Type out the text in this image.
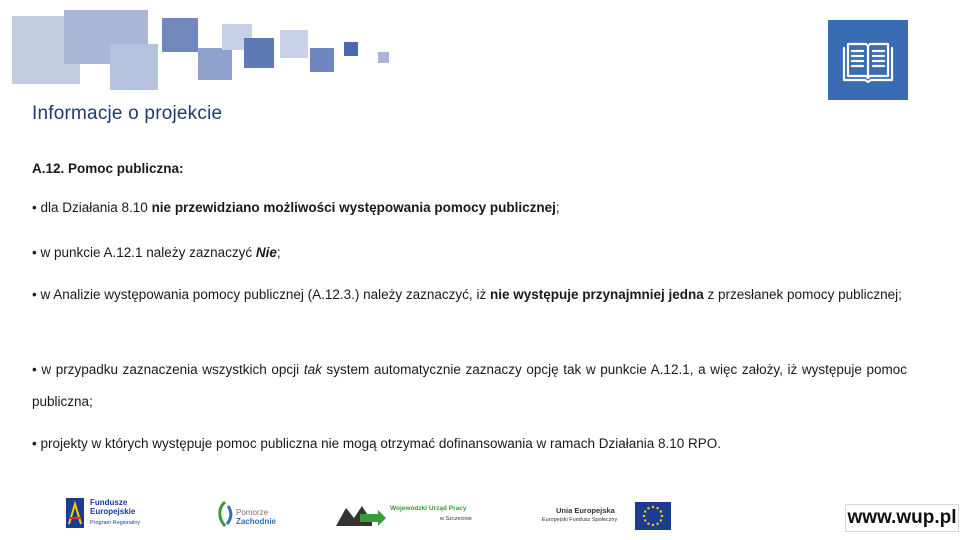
Informacje o projekcie
A.12. Pomoc publiczna:
• dla Działania 8.10 nie przewidziano możliwości występowania pomocy publicznej;
• w punkcie A.12.1 należy zaznaczyć Nie;
• w Analizie występowania pomocy publicznej (A.12.3.) należy zaznaczyć, iż nie występuje przynajmniej jedna z przesłanek pomocy publicznej;
• w przypadku zaznaczenia wszystkich opcji tak system automatycznie zaznaczy opcję tak w punkcie A.12.1, a więc założy, iż występuje pomoc publiczna;
• projekty w których występuje pomoc publiczna nie mogą otrzymać dofinansowania w ramach Działania 8.10 RPO.
Fundusze
Europejskie
Program Regionalny
Pomorze
Zachodnie
Wojewódzki Urząd Pracy
w Szczecinie
Unia Europejska
Europejski Fundusz Społeczny	www.wup.pl
